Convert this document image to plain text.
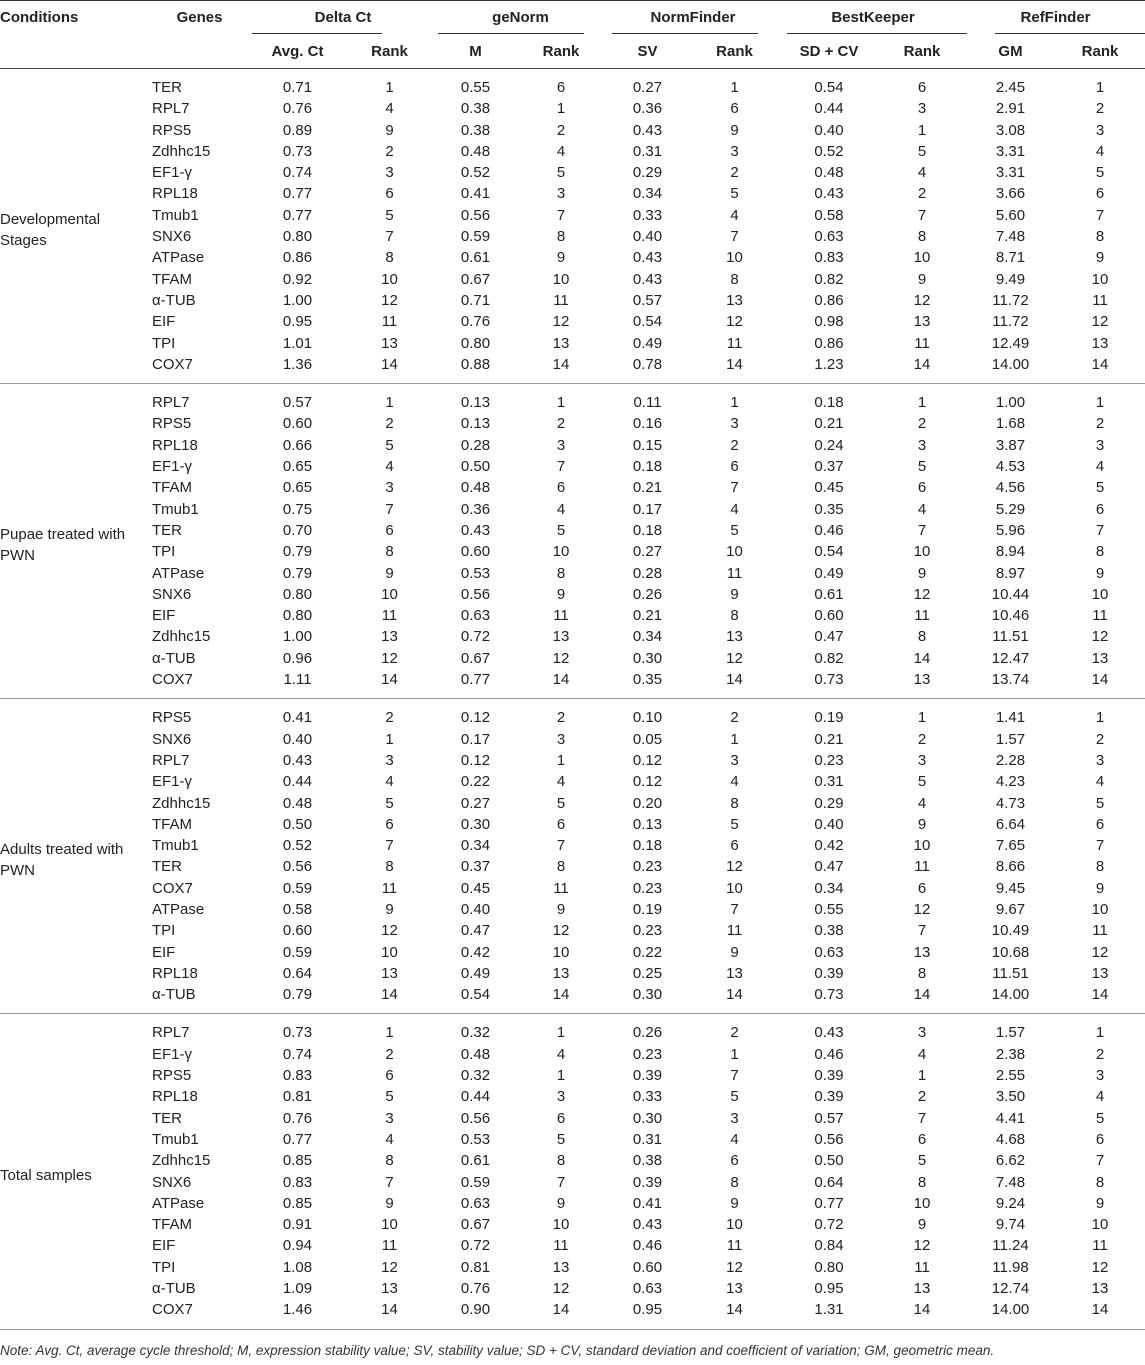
Conditions	Genes	Delta Ct		geNorm		NormFinder		BestKeeper		RefFinder	
		Avg. Ct	Rank	M	Rank	SV	Rank	SD + CV	Rank	GM	Rank
Developmental Stages	TER	0.71	1	0.55	6	0.27	1	0.54	6	2.45	1
	RPL7	0.76	4	0.38	1	0.36	6	0.44	3	2.91	2
	RPS5	0.89	9	0.38	2	0.43	9	0.40	1	3.08	3
	Zdhhc15	0.73	2	0.48	4	0.31	3	0.52	5	3.31	4
	EF1-γ	0.74	3	0.52	5	0.29	2	0.48	4	3.31	5
	RPL18	0.77	6	0.41	3	0.34	5	0.43	2	3.66	6
	Tmub1	0.77	5	0.56	7	0.33	4	0.58	7	5.60	7
	SNX6	0.80	7	0.59	8	0.40	7	0.63	8	7.48	8
	ATPase	0.86	8	0.61	9	0.43	10	0.83	10	8.71	9
	TFAM	0.92	10	0.67	10	0.43	8	0.82	9	9.49	10
	α-TUB	1.00	12	0.71	11	0.57	13	0.86	12	11.72	11
	EIF	0.95	11	0.76	12	0.54	12	0.98	13	11.72	12
	TPI	1.01	13	0.80	13	0.49	11	0.86	11	12.49	13
	COX7	1.36	14	0.88	14	0.78	14	1.23	14	14.00	14
Pupae treated with PWN	RPL7	0.57	1	0.13	1	0.11	1	0.18	1	1.00	1
	RPS5	0.60	2	0.13	2	0.16	3	0.21	2	1.68	2
	RPL18	0.66	5	0.28	3	0.15	2	0.24	3	3.87	3
	EF1-γ	0.65	4	0.50	7	0.18	6	0.37	5	4.53	4
	TFAM	0.65	3	0.48	6	0.21	7	0.45	6	4.56	5
	Tmub1	0.75	7	0.36	4	0.17	4	0.35	4	5.29	6
	TER	0.70	6	0.43	5	0.18	5	0.46	7	5.96	7
	TPI	0.79	8	0.60	10	0.27	10	0.54	10	8.94	8
	ATPase	0.79	9	0.53	8	0.28	11	0.49	9	8.97	9
	SNX6	0.80	10	0.56	9	0.26	9	0.61	12	10.44	10
	EIF	0.80	11	0.63	11	0.21	8	0.60	11	10.46	11
	Zdhhc15	1.00	13	0.72	13	0.34	13	0.47	8	11.51	12
	α-TUB	0.96	12	0.67	12	0.30	12	0.82	14	12.47	13
	COX7	1.11	14	0.77	14	0.35	14	0.73	13	13.74	14
Adults treated with PWN	RPS5	0.41	2	0.12	2	0.10	2	0.19	1	1.41	1
	SNX6	0.40	1	0.17	3	0.05	1	0.21	2	1.57	2
	RPL7	0.43	3	0.12	1	0.12	3	0.23	3	2.28	3
	EF1-γ	0.44	4	0.22	4	0.12	4	0.31	5	4.23	4
	Zdhhc15	0.48	5	0.27	5	0.20	8	0.29	4	4.73	5
	TFAM	0.50	6	0.30	6	0.13	5	0.40	9	6.64	6
	Tmub1	0.52	7	0.34	7	0.18	6	0.42	10	7.65	7
	TER	0.56	8	0.37	8	0.23	12	0.47	11	8.66	8
	COX7	0.59	11	0.45	11	0.23	10	0.34	6	9.45	9
	ATPase	0.58	9	0.40	9	0.19	7	0.55	12	9.67	10
	TPI	0.60	12	0.47	12	0.23	11	0.38	7	10.49	11
	EIF	0.59	10	0.42	10	0.22	9	0.63	13	10.68	12
	RPL18	0.64	13	0.49	13	0.25	13	0.39	8	11.51	13
	α-TUB	0.79	14	0.54	14	0.30	14	0.73	14	14.00	14
Total samples	RPL7	0.73	1	0.32	1	0.26	2	0.43	3	1.57	1
	EF1-γ	0.74	2	0.48	4	0.23	1	0.46	4	2.38	2
	RPS5	0.83	6	0.32	1	0.39	7	0.39	1	2.55	3
	RPL18	0.81	5	0.44	3	0.33	5	0.39	2	3.50	4
	TER	0.76	3	0.56	6	0.30	3	0.57	7	4.41	5
	Tmub1	0.77	4	0.53	5	0.31	4	0.56	6	4.68	6
	Zdhhc15	0.85	8	0.61	8	0.38	6	0.50	5	6.62	7
	SNX6	0.83	7	0.59	7	0.39	8	0.64	8	7.48	8
	ATPase	0.85	9	0.63	9	0.41	9	0.77	10	9.24	9
	TFAM	0.91	10	0.67	10	0.43	10	0.72	9	9.74	10
	EIF	0.94	11	0.72	11	0.46	11	0.84	12	11.24	11
	TPI	1.08	12	0.81	13	0.60	12	0.80	11	11.98	12
	α-TUB	1.09	13	0.76	12	0.63	13	0.95	13	12.74	13
	COX7	1.46	14	0.90	14	0.95	14	1.31	14	14.00	14
Note: Avg. Ct, average cycle threshold; M, expression stability value; SV, stability value; SD + CV, standard deviation and coefficient of variation; GM, geometric mean.
